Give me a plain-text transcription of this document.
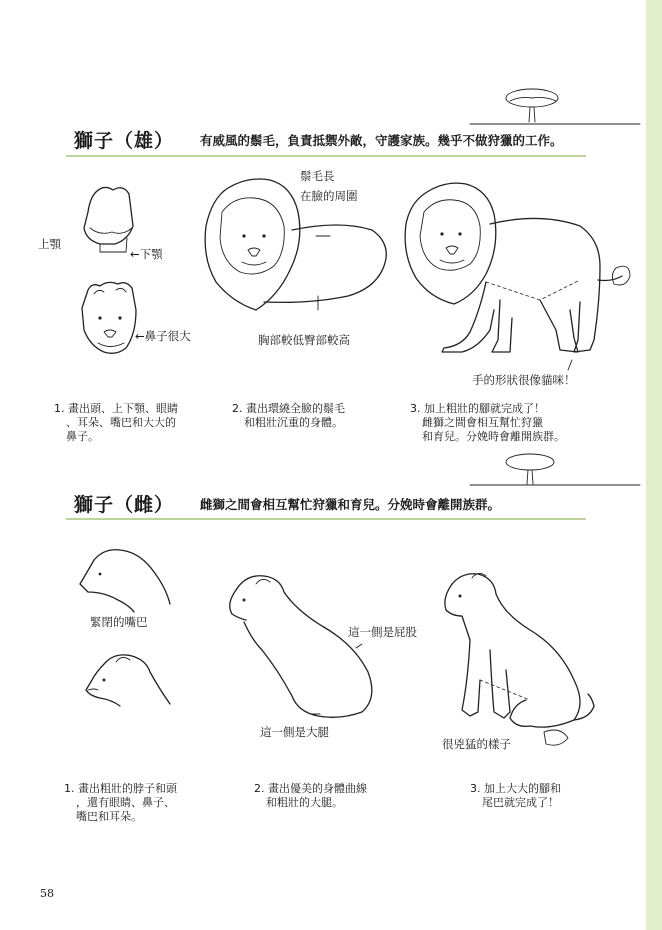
獅子（雄） 有威風的鬃毛，負責抵禦外敵，守護家族。幾乎不做狩獵的工作。
上顎
←下顎
←鼻子很大
鬃毛長
在臉的周圍
胸部較低臀部較高
手的形狀很像貓咪！
1. 畫出頭、上下顎、眼睛
、耳朵、嘴巴和大大的
鼻子。
2. 畫出環繞全臉的鬃毛
和粗壯沉重的身體。
3. 加上粗壯的腳就完成了！
雌獅之間會相互幫忙狩獵
和育兒。分娩時會離開族群。
獅子（雌） 雌獅之間會相互幫忙狩獵和育兒。分娩時會離開族群。
緊閉的嘴巴
這一側是屁股
這一側是大腿
很兇猛的樣子
1. 畫出粗壯的脖子和頭
，還有眼睛、鼻子、
嘴巴和耳朵。
2. 畫出優美的身體曲線
和粗壯的大腿。
3. 加上大大的腳和
尾巴就完成了！
58
